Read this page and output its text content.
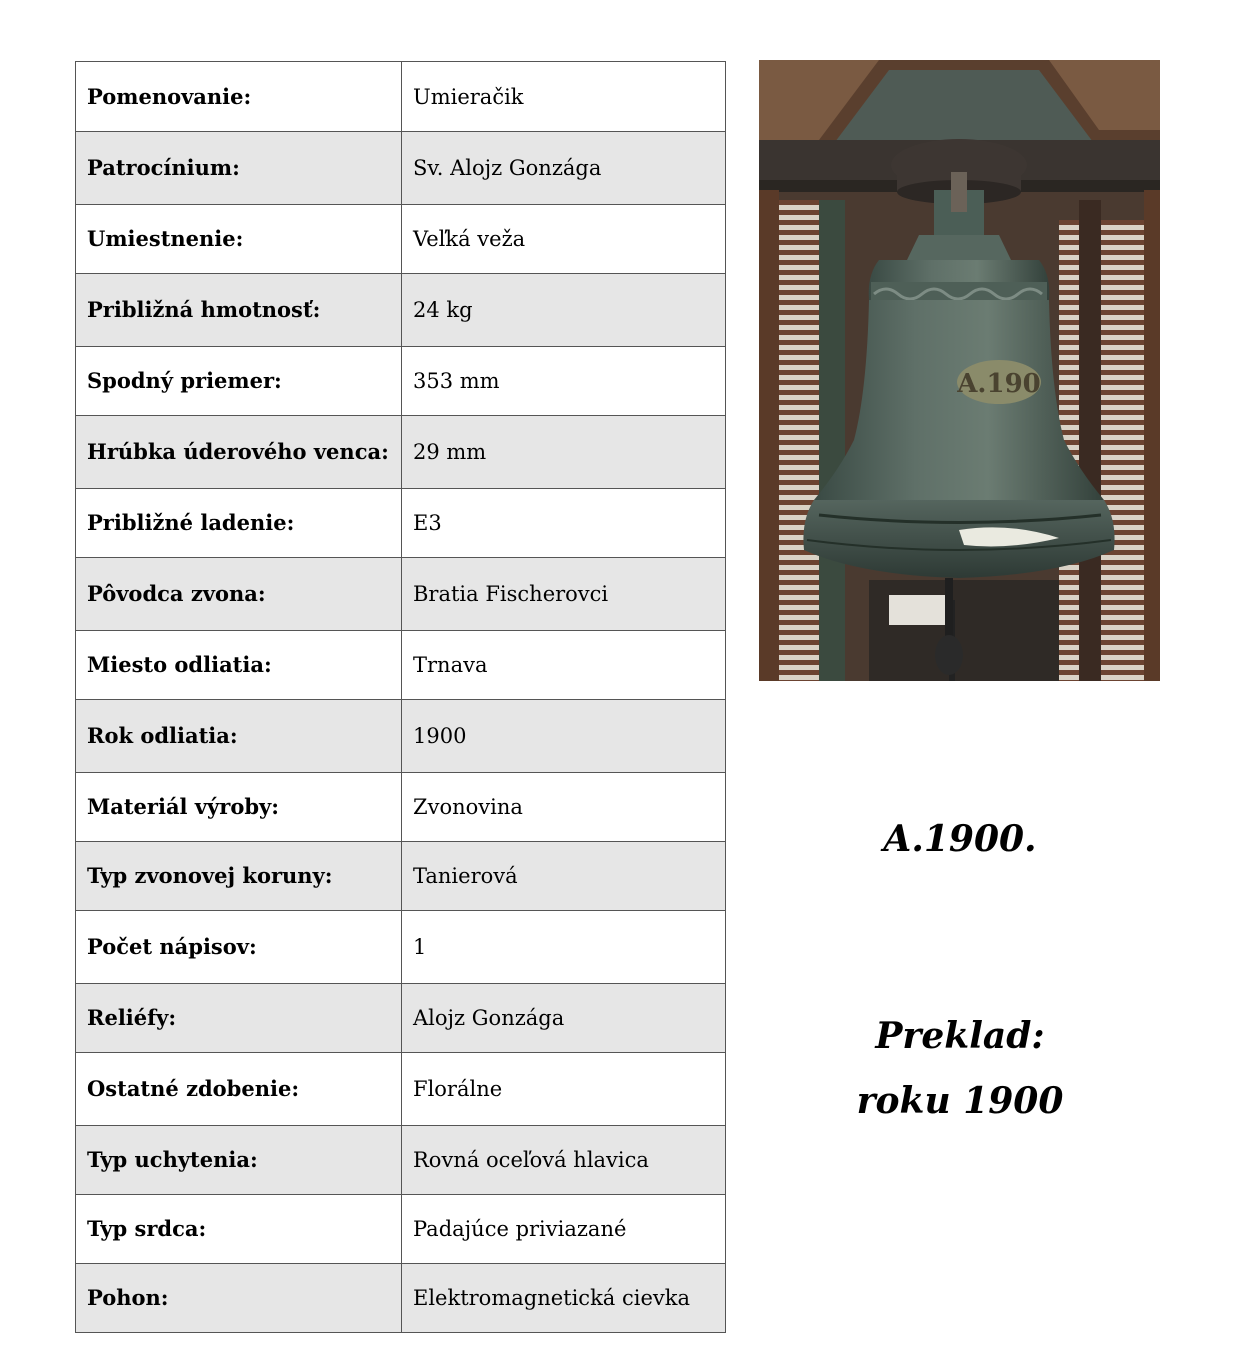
Pomenovanie:	Umieračik
Patrocínium:	Sv. Alojz Gonzága
Umiestnenie:	Veľká veža
Približná hmotnosť:	24 kg
Spodný priemer:	353 mm
Hrúbka úderového venca:	29 mm
Približné ladenie:	E3
Pôvodca zvona:	Bratia Fischerovci
Miesto odliatia:	Trnava
Rok odliatia:	1900
Materiál výroby:	Zvonovina
Typ zvonovej koruny:	Tanierová
Počet nápisov:	1
Reliéfy:	Alojz Gonzága
Ostatné zdobenie:	Florálne
Typ uchytenia:	Rovná oceľová hlavica
Typ srdca:	Padajúce priviazané
Pohon:	Elektromagnetická cievka
A.190
A.1900.
Preklad:
roku 1900
